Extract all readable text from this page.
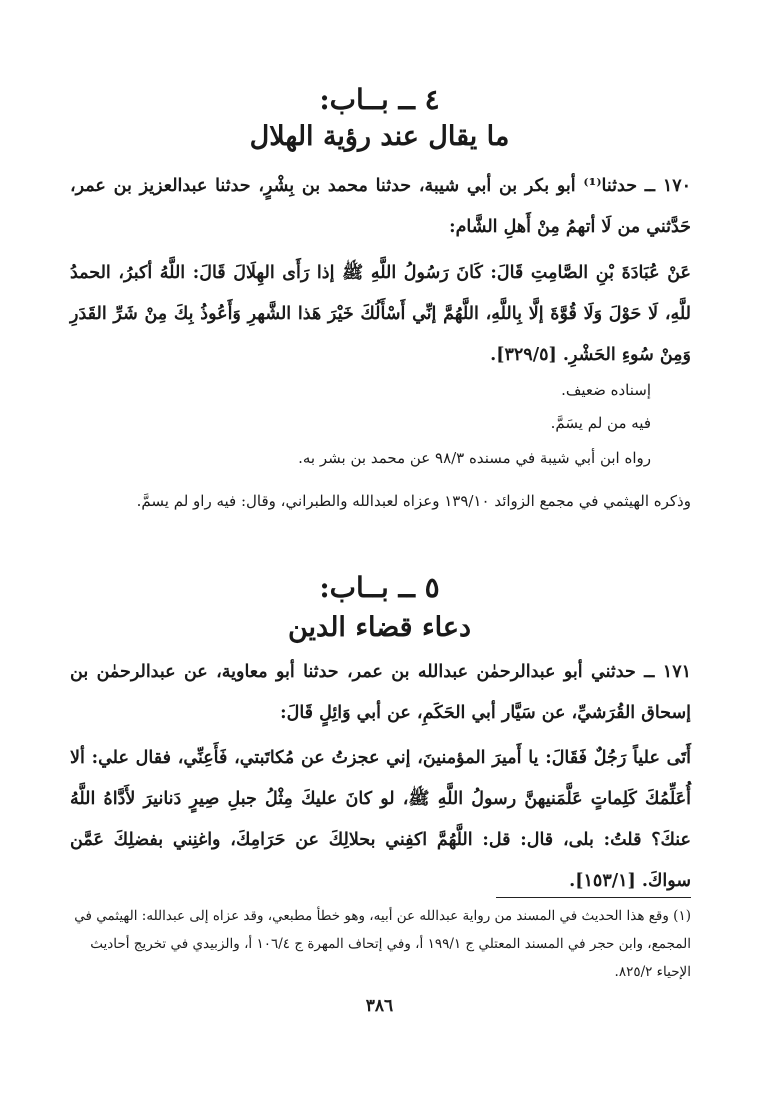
٤ ــ بــاب:
ما يقال عند رؤية الهلال
١٧٠ ــ حدثنا⁽¹⁾ أبو بكر بن أبي شيبة، حدثنا محمد بن بِشْرٍ، حدثنا عبدالعزيز بن عمر، حَدَّثني من لَا أتهمُ مِنْ أَهلِ الشَّام:
عَنْ عُبَادَةَ بْنِ الصَّامِتِ قَالَ: كَانَ رَسُولُ اللَّهِ ﷺ إذا رَأَى الهِلَالَ قَالَ: اللَّهُ أكبرُ، الحمدُ للَّهِ، لَا حَوْلَ وَلَا قُوَّةَ إلَّا بِاللَّهِ، اللَّهُمَّ إنِّي أَسْأَلُكَ خَيْرَ هَذا الشَّهرِ وَأَعُوذُ بِكَ مِنْ شَرِّ القَدَرِ وَمِنْ سُوءِ الحَشْرِ. [٣٢٩/٥].
إسناده ضعيف.
فيه من لم يسَمَّ.
رواه ابن أبي شيبة في مسنده ٩٨/٣ عن محمد بن بشر به.
وذكره الهيثمي في مجمع الزوائد ١٣٩/١٠ وعزاه لعبدالله والطبراني، وقال: فيه راو لم يسمَّ.
٥ ــ بــاب:
دعاء قضاء الدين
١٧١ ــ حدثني أبو عبدالرحمٰن عبدالله بن عمر، حدثنا أبو معاوية، عن عبدالرحمٰن بن إسحاق القُرَشيِّ، عن سَيَّار أبي الحَكَمِ، عن أبي وَائِلٍ قَالَ:
أَتَى علياً رَجُلٌ فَقَالَ: يا أَميرَ المؤمنينَ، إني عجزتُ عن مُكاتَبتي، فَأَعِنِّي، فقال علي: ألا أُعَلِّمُكَ كَلِماتٍ عَلَّمَنيهنَّ رسولُ اللَّهِ ﷺ، لو كانَ عليكَ مِثْلُ جبلِ صِيرٍ دَنانيرَ لأَدَّاهُ اللَّهُ عنكَ؟ قلتُ: بلى، قال: قل: اللَّهُمَّ اكفِني بحلالِكَ عن حَرَامِكَ، واغنِني بفضلِكَ عَمَّن سواكَ. [١٥٣/١].
(١) وقع هذا الحديث في المسند من رواية عبدالله عن أبيه، وهو خطأ مطبعي، وقد عزاه إلى عبدالله: الهيثمي في المجمع، وابن حجر في المسند المعتلي ج ١٩٩/١ أ، وفي إتحاف المهرة ج ١٠٦/٤ أ، والزبيدي في تخريج أحاديث الإحياء ٨٢٥/٢.
٣٨٦
